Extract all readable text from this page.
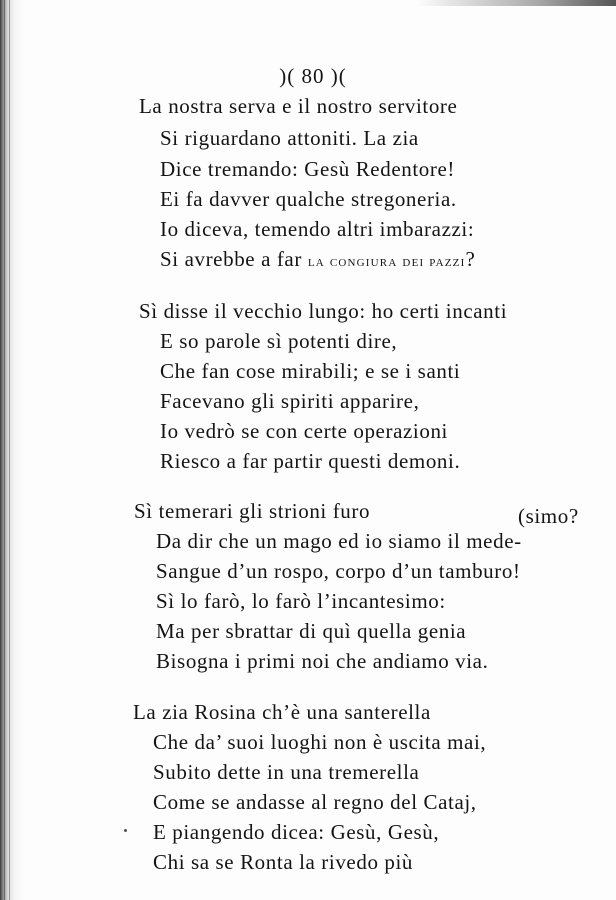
)( 80 )(
La nostra serva e il nostro servitore
Si riguardano attoniti. La zia
Dice tremando: Gesù Redentore!
Ei fa davver qualche stregoneria.
Io diceva, temendo altri imbarazzi:
Si avrebbe a far la congiura dei pazzi?
Sì disse il vecchio lungo: ho certi incanti
E so parole sì potenti dire,
Che fan cose mirabili; e se i santi
Facevano gli spiriti apparire,
Io vedrò se con certe operazioni
Riesco a far partir questi demoni.
Sì temerari gli strioni furo	(simo?
Da dir che un mago ed io siamo il mede-
Sangue d’un rospo, corpo d’un tamburo!
Sì lo farò, lo farò l’incantesimo:
Ma per sbrattar di quì quella genia
Bisogna i primi noi che andiamo via.
La zia Rosina ch’è una santerella
Che da’ suoi luoghi non è uscita mai,
Subito dette in una tremerella
Come se andasse al regno del Cataj,
E piangendo dicea: Gesù, Gesù,
Chi sa se Ronta la rivedo più
